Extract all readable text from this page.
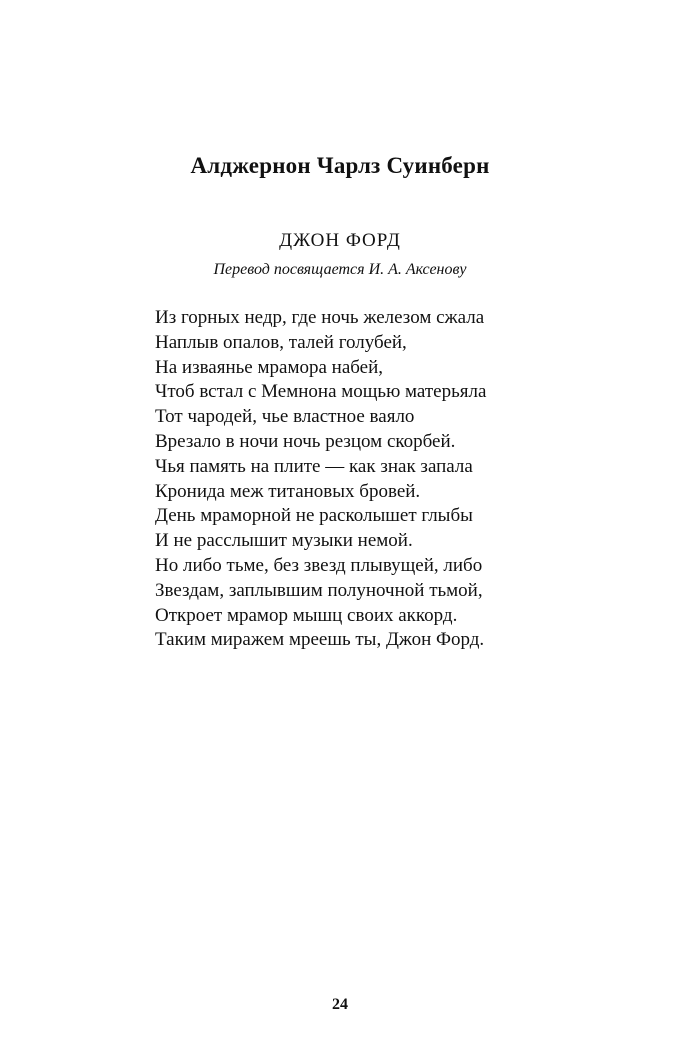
Алджернон Чарлз Суинберн
ДЖОН ФОРД
Перевод посвящается И. А. Аксенову
Из горных недр, где ночь железом сжала
Наплыв опалов, талей голубей,
На изваянье мрамора набей,
Чтоб встал с Мемнона мощью матерьяла
Тот чародей, чье властное ваяло
Врезало в ночи ночь резцом скорбей.
Чья память на плите — как знак запала
Кронида меж титановых бровей.
День мраморной не расколышет глыбы
И не расслышит музыки немой.
Но либо тьме, без звезд плывущей, либо
Звездам, заплывшим полуночной тьмой,
Откроет мрамор мышц своих аккорд.
Таким миражем мреешь ты, Джон Форд.
24
